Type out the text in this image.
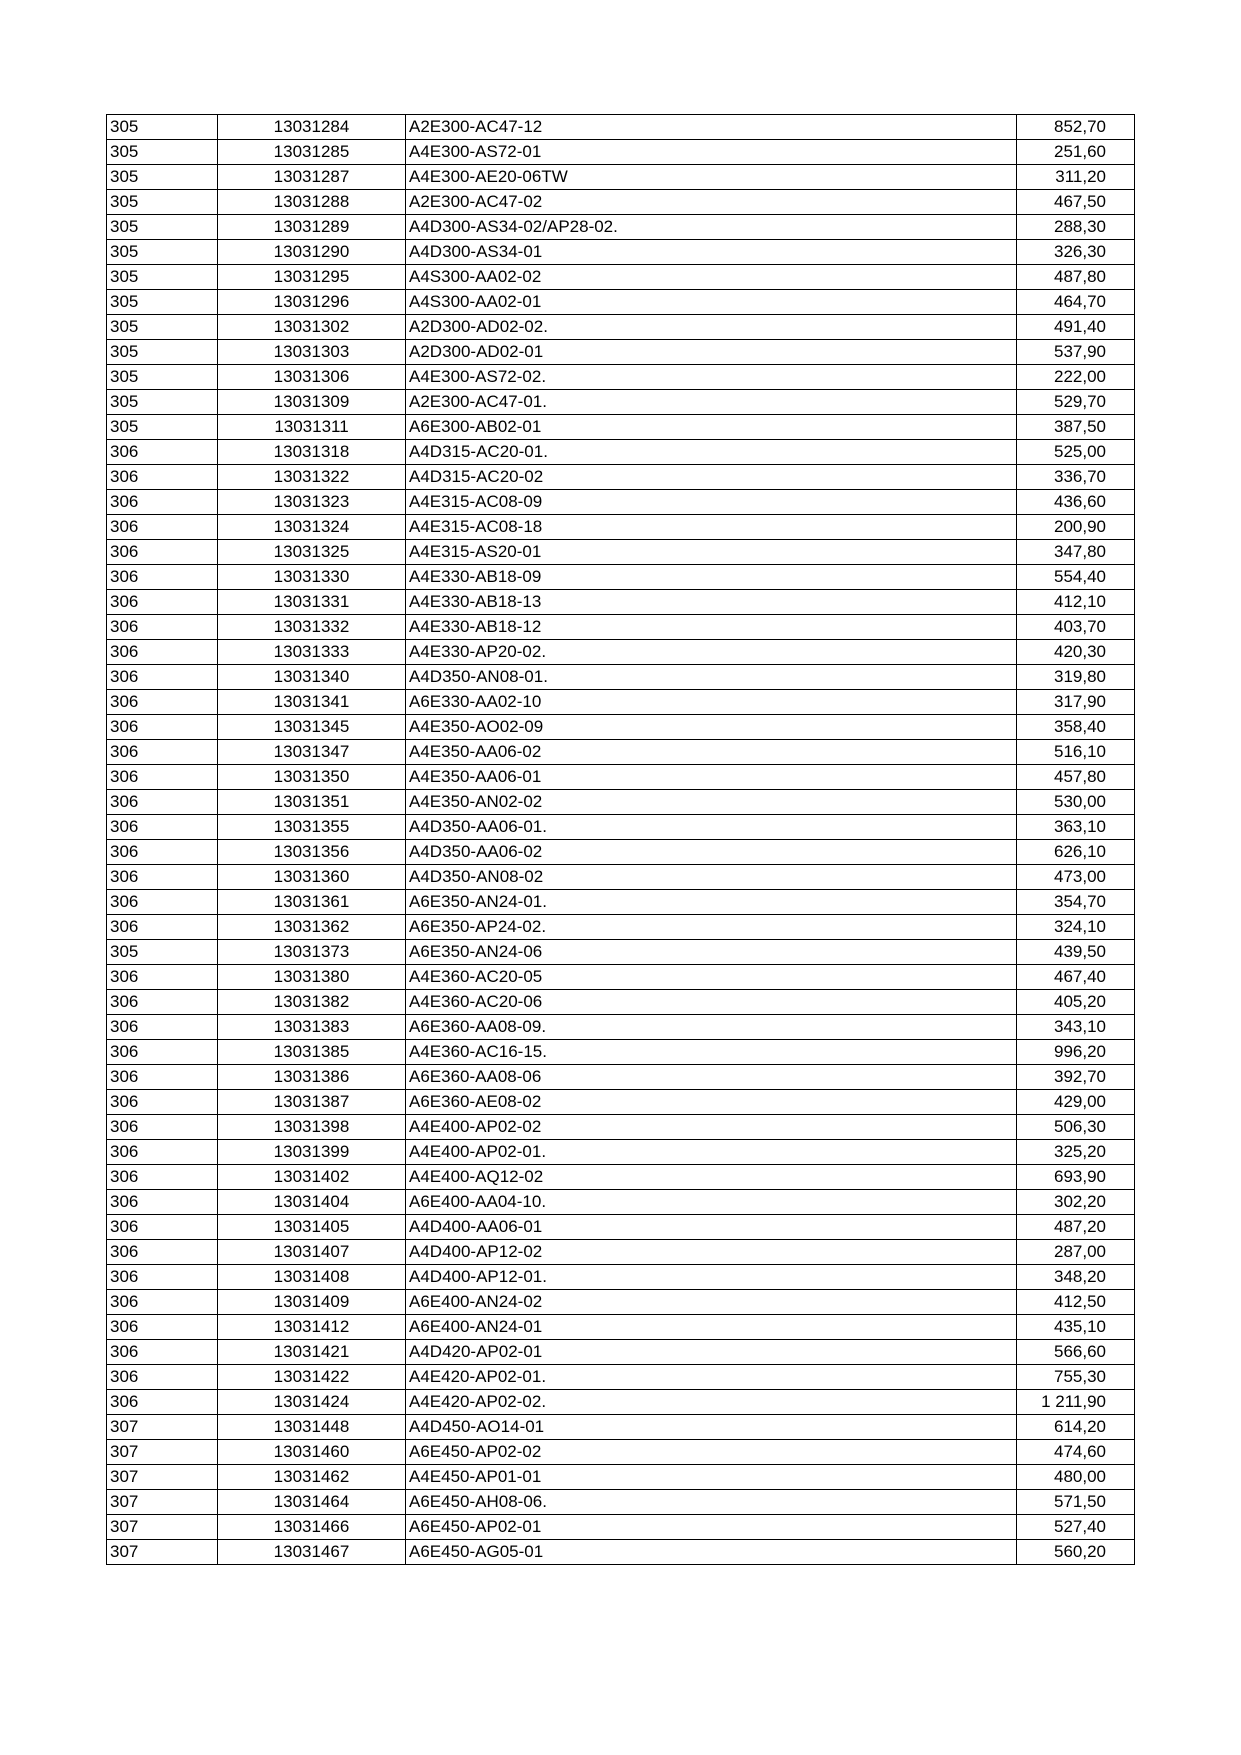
305	13031284	A2E300-AC47-12	852,70
305	13031285	A4E300-AS72-01	251,60
305	13031287	A4E300-AE20-06TW	311,20
305	13031288	A2E300-AC47-02	467,50
305	13031289	A4D300-AS34-02/AP28-02.	288,30
305	13031290	A4D300-AS34-01	326,30
305	13031295	A4S300-AA02-02	487,80
305	13031296	A4S300-AA02-01	464,70
305	13031302	A2D300-AD02-02.	491,40
305	13031303	A2D300-AD02-01	537,90
305	13031306	A4E300-AS72-02.	222,00
305	13031309	A2E300-AC47-01.	529,70
305	13031311	A6E300-AB02-01	387,50
306	13031318	A4D315-AC20-01.	525,00
306	13031322	A4D315-AC20-02	336,70
306	13031323	A4E315-AC08-09	436,60
306	13031324	A4E315-AC08-18	200,90
306	13031325	A4E315-AS20-01	347,80
306	13031330	A4E330-AB18-09	554,40
306	13031331	A4E330-AB18-13	412,10
306	13031332	A4E330-AB18-12	403,70
306	13031333	A4E330-AP20-02.	420,30
306	13031340	A4D350-AN08-01.	319,80
306	13031341	A6E330-AA02-10	317,90
306	13031345	A4E350-AO02-09	358,40
306	13031347	A4E350-AA06-02	516,10
306	13031350	A4E350-AA06-01	457,80
306	13031351	A4E350-AN02-02	530,00
306	13031355	A4D350-AA06-01.	363,10
306	13031356	A4D350-AA06-02	626,10
306	13031360	A4D350-AN08-02	473,00
306	13031361	A6E350-AN24-01.	354,70
306	13031362	A6E350-AP24-02.	324,10
305	13031373	A6E350-AN24-06	439,50
306	13031380	A4E360-AC20-05	467,40
306	13031382	A4E360-AC20-06	405,20
306	13031383	A6E360-AA08-09.	343,10
306	13031385	A4E360-AC16-15.	996,20
306	13031386	A6E360-AA08-06	392,70
306	13031387	A6E360-AE08-02	429,00
306	13031398	A4E400-AP02-02	506,30
306	13031399	A4E400-AP02-01.	325,20
306	13031402	A4E400-AQ12-02	693,90
306	13031404	A6E400-AA04-10.	302,20
306	13031405	A4D400-AA06-01	487,20
306	13031407	A4D400-AP12-02	287,00
306	13031408	A4D400-AP12-01.	348,20
306	13031409	A6E400-AN24-02	412,50
306	13031412	A6E400-AN24-01	435,10
306	13031421	A4D420-AP02-01	566,60
306	13031422	A4E420-AP02-01.	755,30
306	13031424	A4E420-AP02-02.	1 211,90
307	13031448	A4D450-AO14-01	614,20
307	13031460	A6E450-AP02-02	474,60
307	13031462	A4E450-AP01-01	480,00
307	13031464	A6E450-AH08-06.	571,50
307	13031466	A6E450-AP02-01	527,40
307	13031467	A6E450-AG05-01	560,20
